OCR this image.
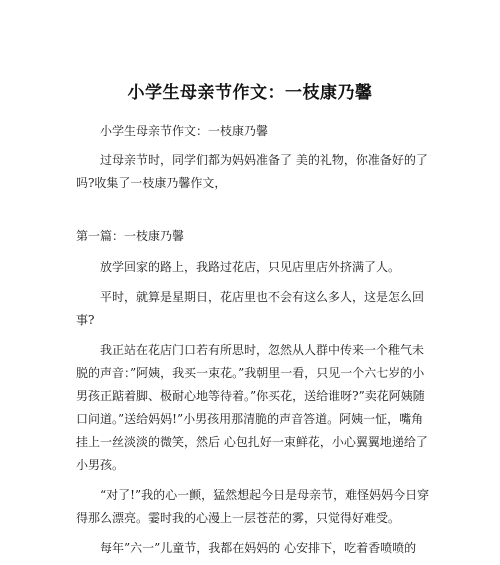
小学生母亲节作文：一枝康乃馨

小学生母亲节作文：一枝康乃馨

过母亲节时，同学们都为妈妈准备了 美的礼物，你准备好的了吗?收集了一枝康乃馨作文，

第一篇：一枝康乃馨

放学回家的路上，我路过花店，只见店里店外挤满了人。

平时，就算是星期日，花店里也不会有这么多人，这是怎么回事?

我正站在花店门口若有所思时，忽然从人群中传来一个稚气未脱的声音：”阿姨，我买一束花。”我朝里一看，只见一个六七岁的小男孩正踮着脚、极耐心地等待着。”你买花，送给谁呀?”卖花阿姨随口问道。”送给妈妈!”小男孩用那清脆的声音答道。阿姨一怔，嘴角挂上一丝淡淡的微笑，然后 心包扎好一束鲜花，小心翼翼地递给了小男孩。

“对了!”我的心一颤，猛然想起今日是母亲节，难怪妈妈今日穿得那么漂亮。霎时我的心漫上一层苍茫的雾，只觉得好难受。

每年”六一”儿童节，我都在妈妈的 心安排下，吃着香喷喷的
